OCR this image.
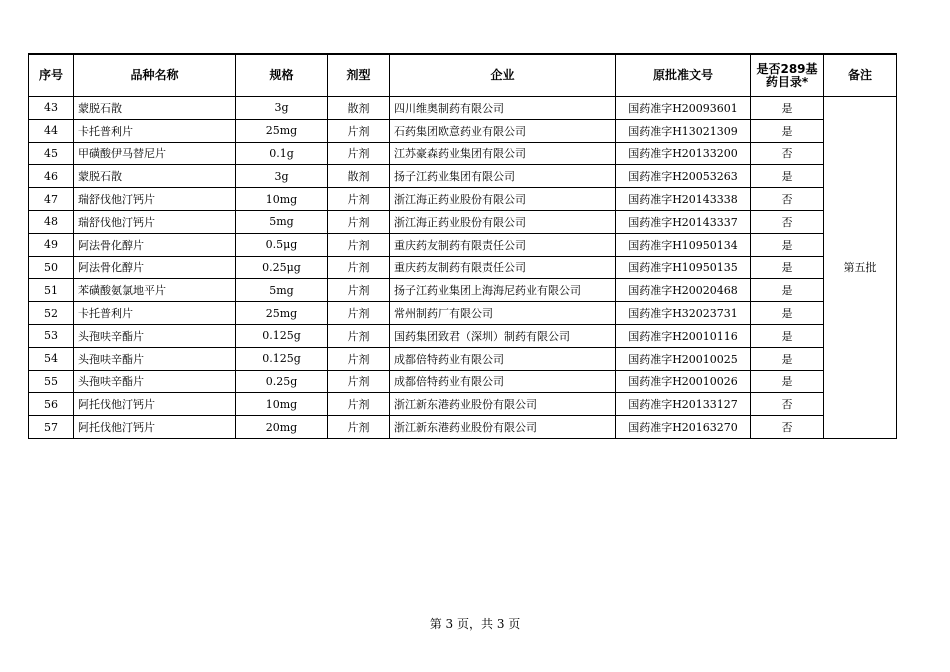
序号	品种名称	规格	剂型	企业	原批准文号	是否289基药目录*	备注
43	蒙脱石散	3g	散剂	四川维奥制药有限公司	国药准字H20093601	是	第五批
44	卡托普利片	25mg	片剂	石药集团欧意药业有限公司	国药准字H13021309	是	
45	甲磺酸伊马替尼片	0.1g	片剂	江苏豪森药业集团有限公司	国药准字H20133200	否	
46	蒙脱石散	3g	散剂	扬子江药业集团有限公司	国药准字H20053263	是	
47	瑞舒伐他汀钙片	10mg	片剂	浙江海正药业股份有限公司	国药准字H20143338	否	
48	瑞舒伐他汀钙片	5mg	片剂	浙江海正药业股份有限公司	国药准字H20143337	否	
49	阿法骨化醇片	0.5μg	片剂	重庆药友制药有限责任公司	国药准字H10950134	是	
50	阿法骨化醇片	0.25μg	片剂	重庆药友制药有限责任公司	国药准字H10950135	是	
51	苯磺酸氨氯地平片	5mg	片剂	扬子江药业集团上海海尼药业有限公司	国药准字H20020468	是	
52	卡托普利片	25mg	片剂	常州制药厂有限公司	国药准字H32023731	是	
53	头孢呋辛酯片	0.125g	片剂	国药集团致君（深圳）制药有限公司	国药准字H20010116	是	
54	头孢呋辛酯片	0.125g	片剂	成都倍特药业有限公司	国药准字H20010025	是	
55	头孢呋辛酯片	0.25g	片剂	成都倍特药业有限公司	国药准字H20010026	是	
56	阿托伐他汀钙片	10mg	片剂	浙江新东港药业股份有限公司	国药准字H20133127	否	
57	阿托伐他汀钙片	20mg	片剂	浙江新东港药业股份有限公司	国药准字H20163270	否	
第 3 页，共 3 页
